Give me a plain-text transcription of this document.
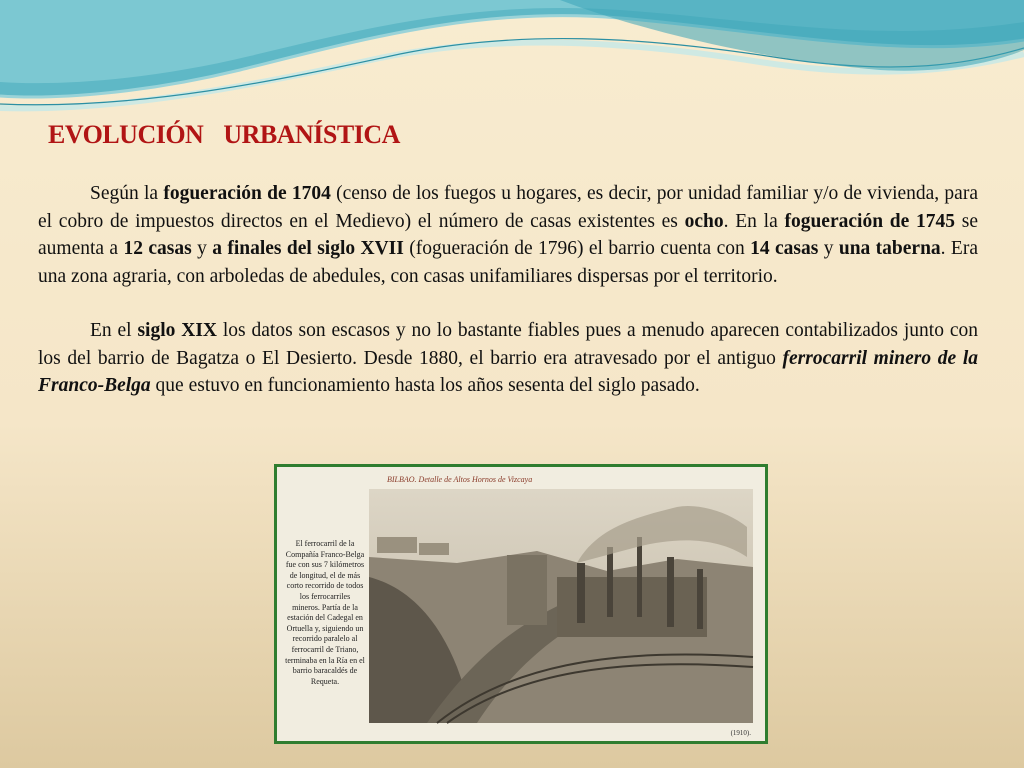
EVOLUCIÓN URBANÍSTICA

Según la fogueración de 1704 (censo de los fuegos u hogares, es decir, por unidad familiar y/o de vivienda, para el cobro de impuestos directos en el Medievo) el número de casas existentes es ocho. En la fogueración de 1745 se aumenta a 12 casas y a finales del siglo XVII (fogueración de 1796) el barrio cuenta con 14 casas y una taberna. Era una zona agraria, con arboledas de abedules, con casas unifamiliares dispersas por el territorio.

En el siglo XIX los datos son escasos y no lo bastante fiables pues a menudo aparecen contabilizados junto con los del barrio de Bagatza o El Desierto. Desde 1880, el barrio era atravesado por el antiguo ferrocarril minero de la Franco-Belga que estuvo en funcionamiento hasta los años sesenta del siglo pasado.

BILBAO. Detalle de Altos Hornos de Vizcaya
El ferrocarril de la Compañía Franco-Belga fue con sus 7 kilómetros de longitud, el de más corto recorrido de todos los ferrocarriles mineros. Partía de la estación del Cadegal en Ortuella y, siguiendo un recorrido paralelo al ferrocarril de Triano, terminaba en la Ría en el barrio baracaldés de Requeta.
(1910).
